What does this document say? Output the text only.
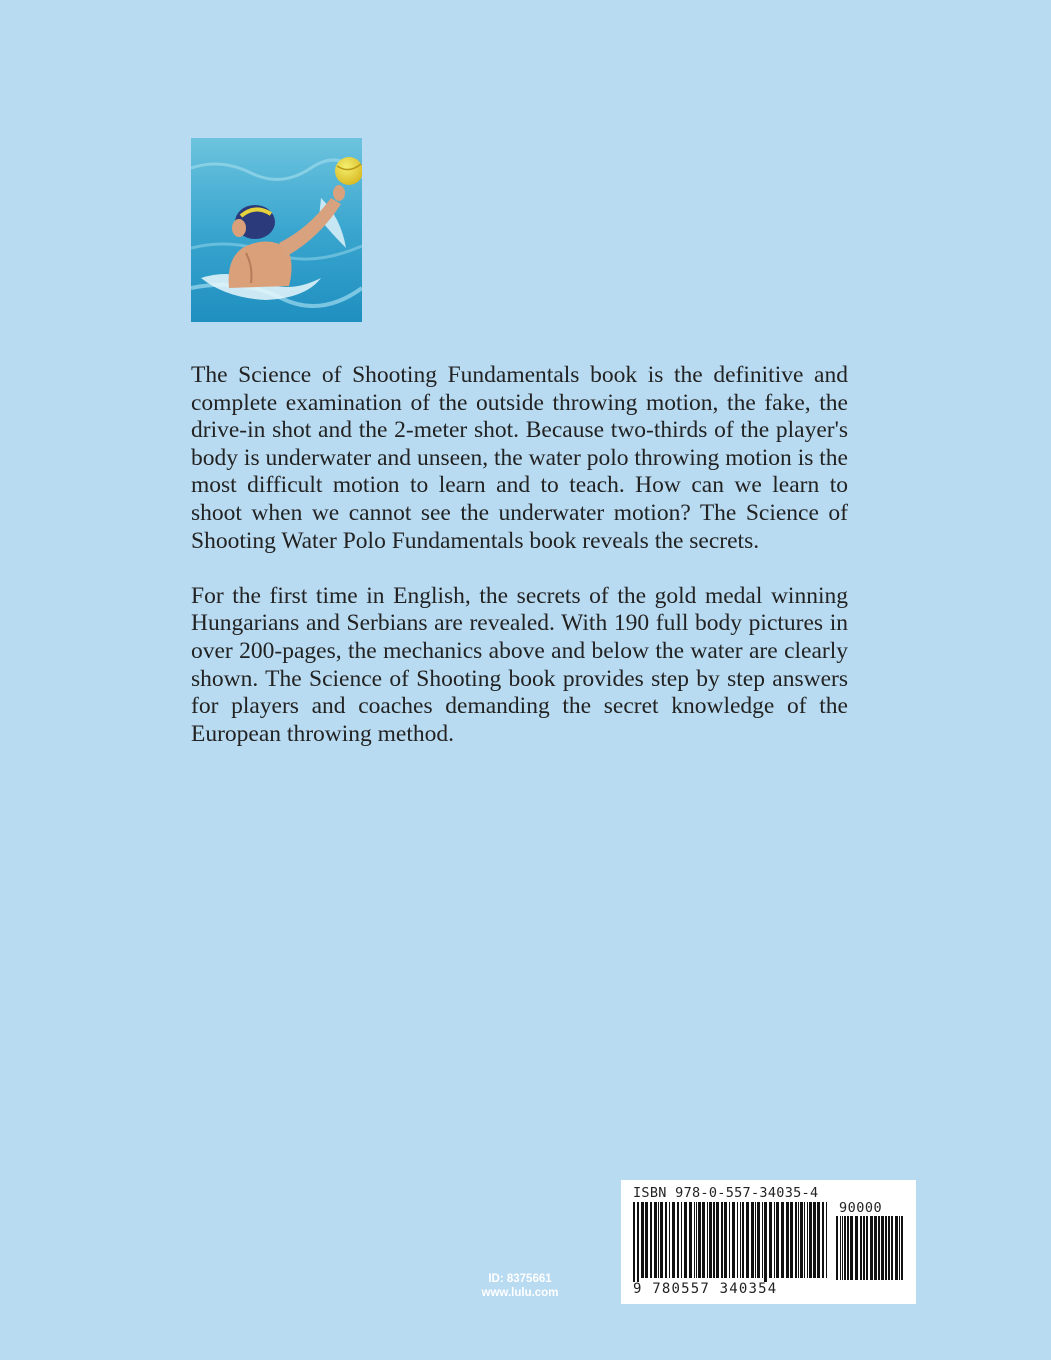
The Science of Shooting Fundamentals book is the definitive and complete examination of the outside throwing motion, the fake, the drive-in shot and the 2-meter shot. Because two-thirds of the player's body is underwater and unseen, the water polo throwing motion is the most difficult motion to learn and to teach. How can we learn to shoot when we cannot see the underwater motion? The Science of Shooting Water Polo Fundamentals book reveals the secrets.

For the first time in English, the secrets of the gold medal winning Hungarians and Serbians are revealed. With 190 full body pictures in over 200-pages, the mechanics above and below the water are clearly shown. The Science of Shooting book provides step by step answers for players and coaches demanding the secret knowledge of the European throwing method.

ID: 8375661
www.lulu.com
ISBN 978-0-557-34035-4
90000
9 780557 340354
